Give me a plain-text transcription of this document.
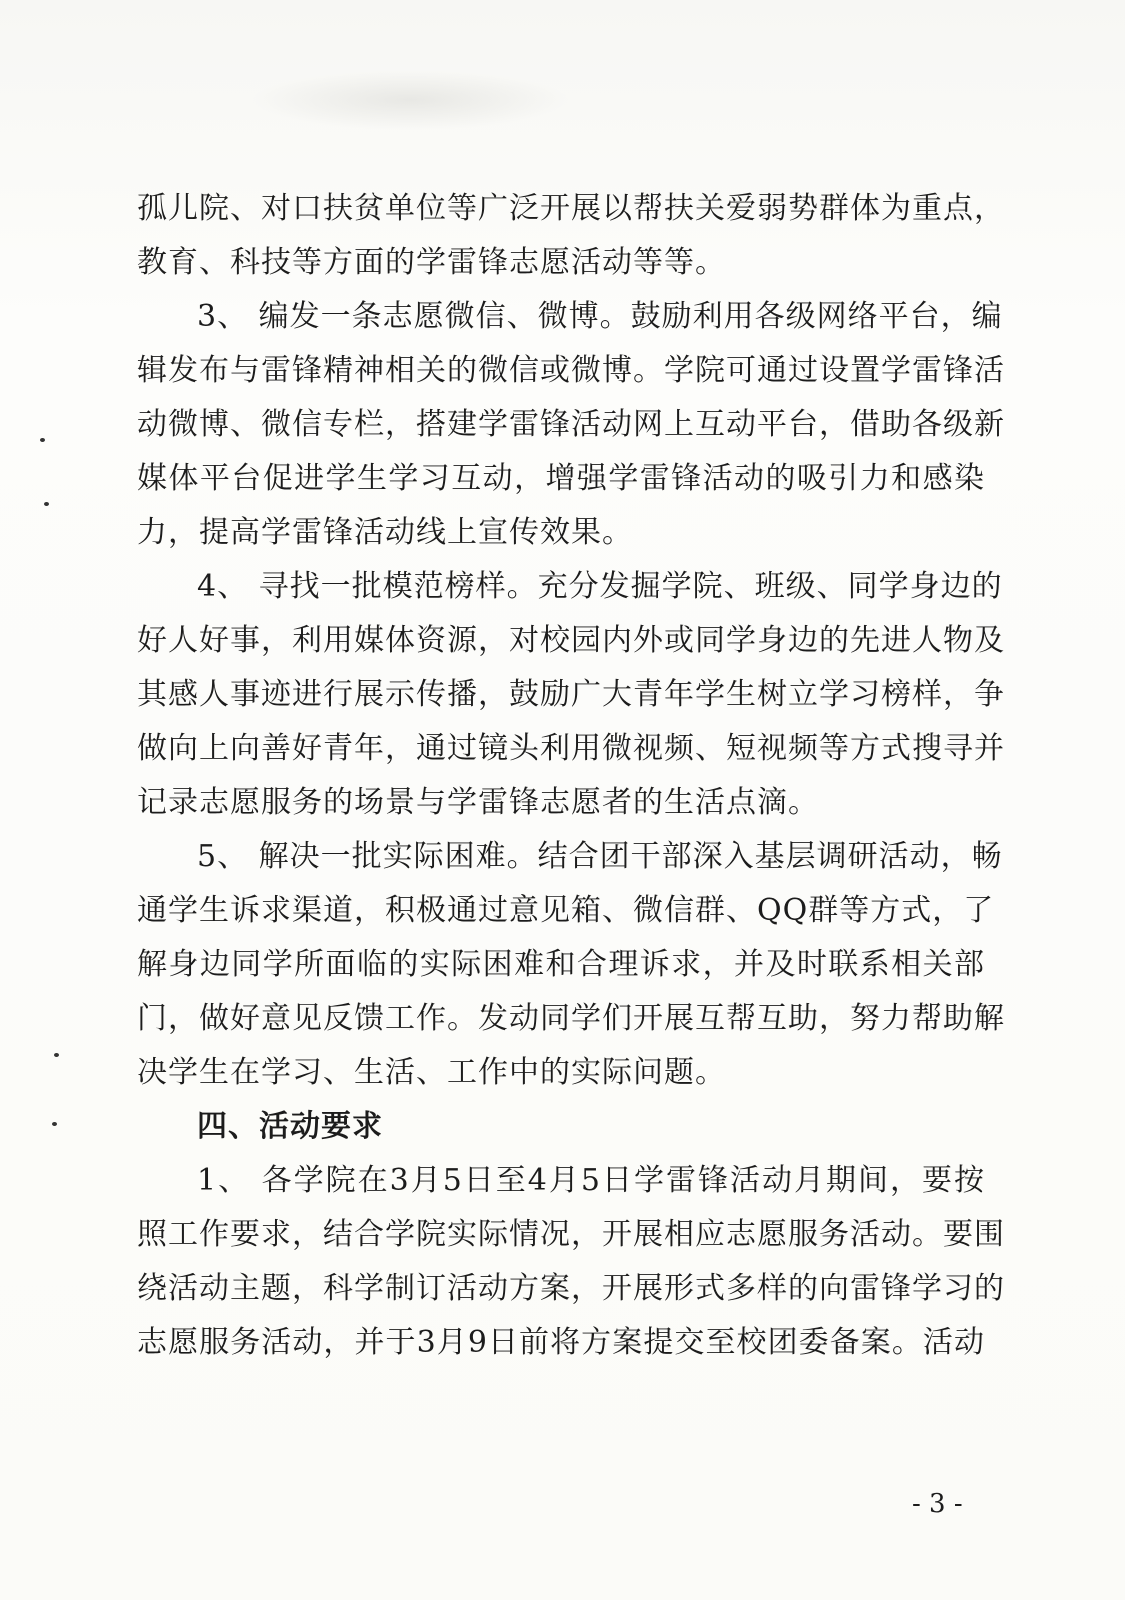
孤儿院、对口扶贫单位等广泛开展以帮扶关爱弱势群体为重点，
教育、科技等方面的学雷锋志愿活动等等。
3、 编发一条志愿微信、微博。鼓励利用各级网络平台，编
辑发布与雷锋精神相关的微信或微博。学院可通过设置学雷锋活
动微博、微信专栏，搭建学雷锋活动网上互动平台，借助各级新
媒体平台促进学生学习互动，增强学雷锋活动的吸引力和感染
力，提高学雷锋活动线上宣传效果。
4、 寻找一批模范榜样。充分发掘学院、班级、同学身边的
好人好事，利用媒体资源，对校园内外或同学身边的先进人物及
其感人事迹进行展示传播，鼓励广大青年学生树立学习榜样，争
做向上向善好青年，通过镜头利用微视频、短视频等方式搜寻并
记录志愿服务的场景与学雷锋志愿者的生活点滴。
5、 解决一批实际困难。结合团干部深入基层调研活动，畅
通学生诉求渠道，积极通过意见箱、微信群、QQ群等方式，了
解身边同学所面临的实际困难和合理诉求，并及时联系相关部
门，做好意见反馈工作。发动同学们开展互帮互助，努力帮助解
决学生在学习、生活、工作中的实际问题。
四、活动要求
1、 各学院在3月5日至4月5日学雷锋活动月期间，要按
照工作要求，结合学院实际情况，开展相应志愿服务活动。要围
绕活动主题，科学制订活动方案，开展形式多样的向雷锋学习的
志愿服务活动，并于3月9日前将方案提交至校团委备案。活动
- 3 -
